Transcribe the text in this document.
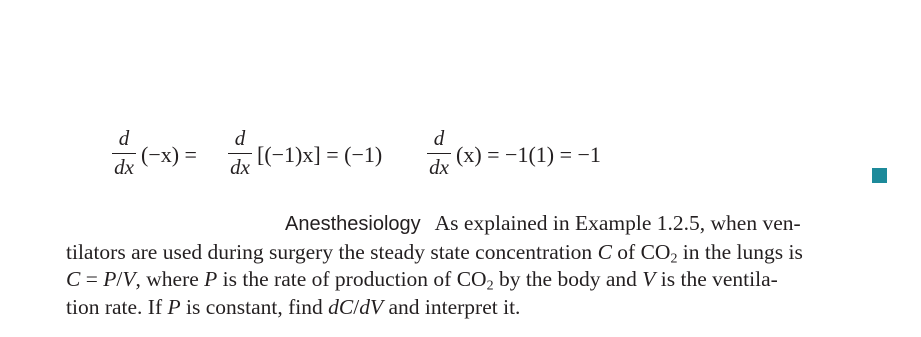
d
dx
(−x) =
d
dx
[(−1)x] = (−1)
d
dx
(x) = −1(1) = −1
Anesthesiology As explained in Example 1.2.5, when ven-
tilators are used during surgery the steady state concentration C of $CO_2$ in the lungs is
C = P/V, where P is the rate of production of $CO_2$ by the body and V is the ventila-
tion rate. If P is constant, find dC/dV and interpret it.
